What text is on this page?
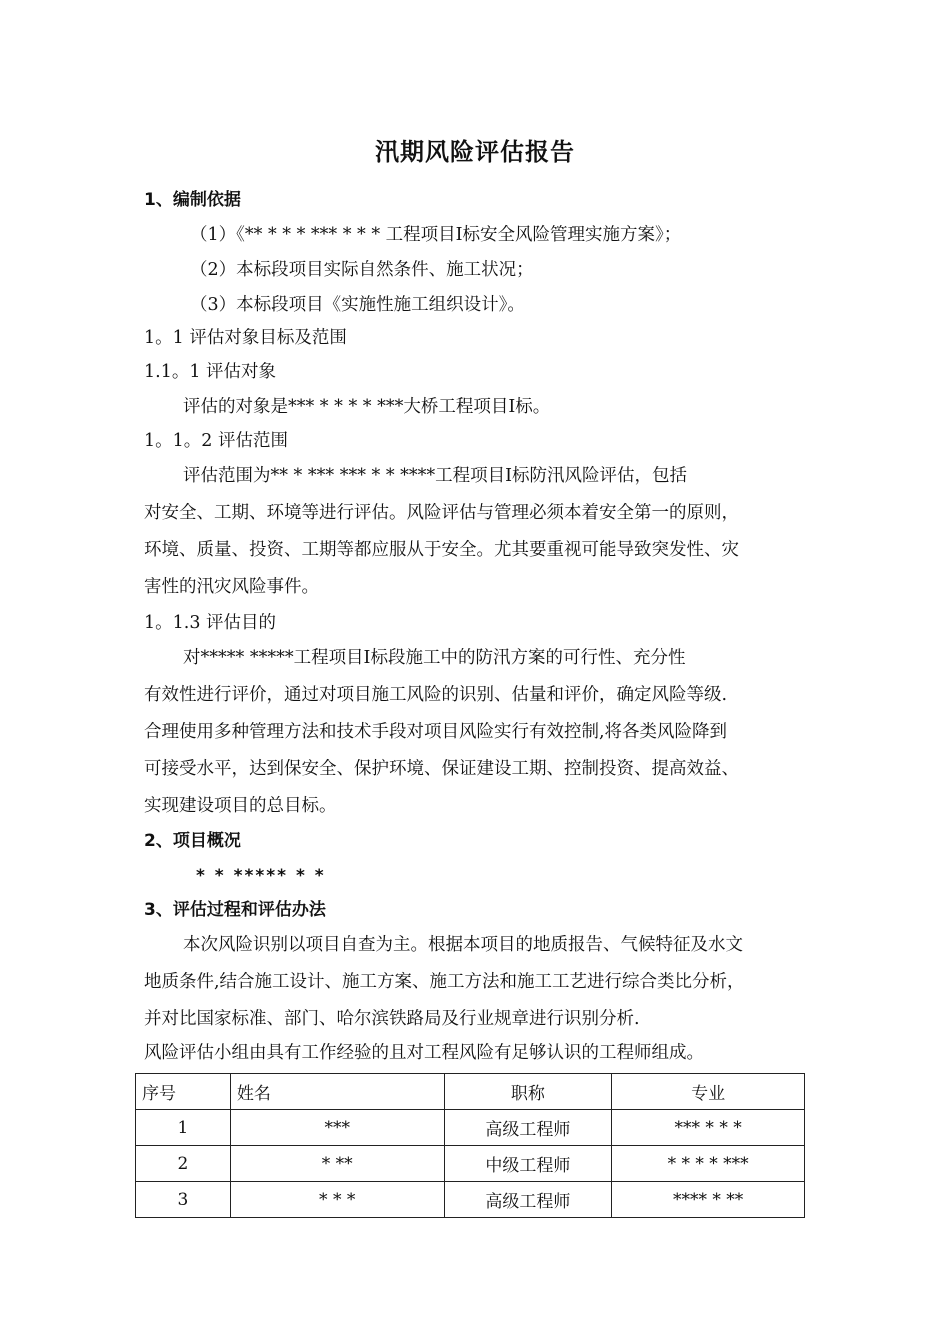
汛期风险评估报告
1、编制依据
（1）《** * * * *** * * * 工程项目Ⅰ标安全风险管理实施方案》；
（2）本标段项目实际自然条件、施工状况；
（3）本标段项目《实施性施工组织设计》。
1。1 评估对象目标及范围
1.1。1 评估对象
评估的对象是*** * * * * ***大桥工程项目Ⅰ标。
1。1。2 评估范围
评估范围为** * *** *** * * ****工程项目Ⅰ标防汛风险评估，包括
对安全、工期、环境等进行评估。风险评估与管理必须本着安全第一的原则，
环境、质量、投资、工期等都应服从于安全。尤其要重视可能导致突发性、灾
害性的汛灾风险事件。
1。1.3 评估目的
对***** *****工程项目Ⅰ标段施工中的防汛方案的可行性、充分性
有效性进行评价，通过对项目施工风险的识别、估量和评价，确定风险等级.
合理使用多种管理方法和技术手段对项目风险实行有效控制,将各类风险降到
可接受水平，达到保安全、保护环境、保证建设工期、控制投资、提高效益、
实现建设项目的总目标。
2、项目概况
* * ***** * *
3、评估过程和评估办法
本次风险识别以项目自查为主。根据本项目的地质报告、气候特征及水文
地质条件,结合施工设计、施工方案、施工方法和施工工艺进行综合类比分析，
并对比国家标准、部门、哈尔滨铁路局及行业规章进行识别分析.
风险评估小组由具有工作经验的且对工程风险有足够认识的工程师组成。
序号	姓名	职称	专业
1	***	高级工程师	*** * * *
2	* **	中级工程师	* * * * ***
3	* * *	高级工程师	**** * **
